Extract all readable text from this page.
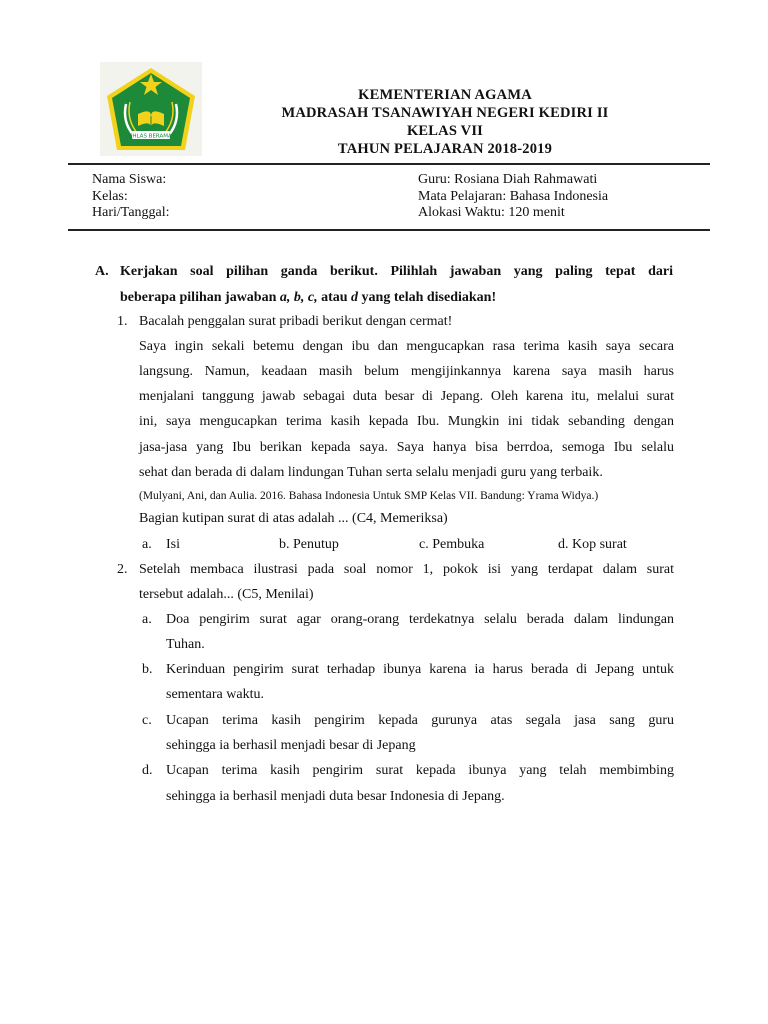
IKHLAS BERAMAL
KEMENTERIAN AGAMA
MADRASAH TSANAWIYAH NEGERI KEDIRI II
KELAS VII
TAHUN PELAJARAN 2018-2019
Nama Siswa:
Kelas:
Hari/Tanggal:
Guru: Rosiana Diah Rahmawati
Mata Pelajaran: Bahasa Indonesia
Alokasi Waktu: 120 menit
A. Kerjakan soal pilihan ganda berikut. Pilihlah jawaban yang paling tepat dari
beberapa pilihan jawaban a, b, c, atau d yang telah disediakan!
1. Bacalah penggalan surat pribadi berikut dengan cermat!
Saya ingin sekali betemu dengan ibu dan mengucapkan rasa terima kasih saya secara
langsung. Namun, keadaan masih belum mengijinkannya karena saya masih harus
menjalani tanggung jawab sebagai duta besar di Jepang. Oleh karena itu, melalui surat
ini, saya mengucapkan terima kasih kepada Ibu. Mungkin ini tidak sebanding dengan
jasa-jasa yang Ibu berikan kepada saya. Saya hanya bisa berrdoa, semoga Ibu selalu
sehat dan berada di dalam lindungan Tuhan serta selalu menjadi guru yang terbaik.
(Mulyani, Ani, dan Aulia. 2016. Bahasa Indonesia Untuk SMP Kelas VII. Bandung: Yrama Widya.)
Bagian kutipan surat di atas adalah ... (C4, Memeriksa)
a. Isi	b. Penutup	c. Pembuka	d. Kop surat
2. Setelah membaca ilustrasi pada soal nomor 1, pokok isi yang terdapat dalam surat
tersebut adalah... (C5, Menilai)
a. Doa pengirim surat agar orang-orang terdekatnya selalu berada dalam lindungan
Tuhan.
b. Kerinduan pengirim surat terhadap ibunya karena ia harus berada di Jepang untuk
sementara waktu.
c. Ucapan terima kasih pengirim kepada gurunya atas segala jasa sang guru
sehingga ia berhasil menjadi besar di Jepang
d. Ucapan terima kasih pengirim surat kepada ibunya yang telah membimbing
sehingga ia berhasil menjadi duta besar Indonesia di Jepang.
